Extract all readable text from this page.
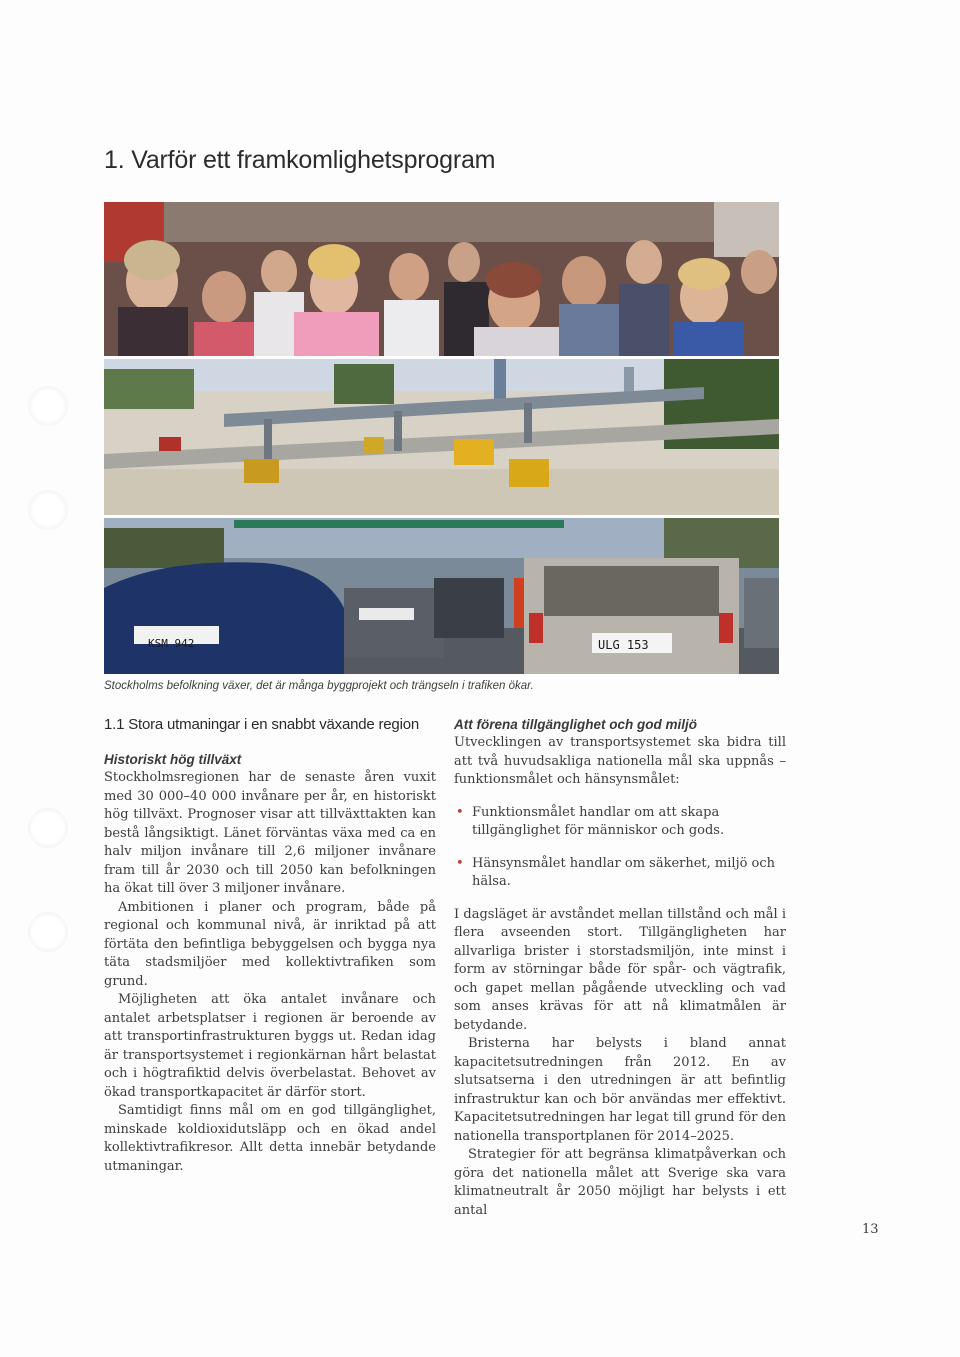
1. Varför ett framkomlighetsprogram
KSM 942	ULG 153

Stockholms befolkning växer, det är många byggprojekt och trängseln i trafiken ökar.

1.1 Stora utmaningar i en snabbt växande region
Historiskt hög tillväxt

Stockholmsregionen har de senaste åren vuxit med 30 000–40 000 invånare per år, en historiskt hög tillväxt. Prognoser visar att tillväxttakten kan bestå långsiktigt. Länet förväntas växa med ca en halv miljon invånare till 2,6 miljoner invånare fram till år 2030 och till 2050 kan befolkningen ha ökat till över 3 miljoner invånare.

Ambitionen i planer och program, både på regional och kommunal nivå, är inriktad på att förtäta den befintliga bebyggelsen och bygga nya täta stadsmiljöer med kollektivtrafiken som grund.

Möjligheten att öka antalet invånare och antalet arbetsplatser i regionen är beroende av att transportinfrastrukturen byggs ut. Redan idag är transportsystemet i regionkärnan hårt belastat och i högtrafiktid delvis överbelastat. Behovet av ökad transportkapacitet är därför stort.

Samtidigt finns mål om en god tillgänglighet, minskade koldioxidutsläpp och en ökad andel kollektivtrafikresor. Allt detta innebär betydande utmaningar.

Att förena tillgänglighet och god miljö

Utvecklingen av transportsystemet ska bidra till att två huvudsakliga nationella mål ska uppnås – funktionsmålet och hänsynsmålet:

• Funktionsmålet handlar om att skapa tillgänglighet för människor och gods.
• Hänsynsmålet handlar om säkerhet, miljö och hälsa.

I dagsläget är avståndet mellan tillstånd och mål i flera avseenden stort. Tillgängligheten har allvarliga brister i storstadsmiljön, inte minst i form av störningar både för spår- och vägtrafik, och gapet mellan pågående utveckling och vad som anses krävas för att nå klimatmålen är betydande.

Bristerna har belysts i bland annat kapacitetsutredningen från 2012. En av slutsatserna i den utredningen är att befintlig infrastruktur kan och bör användas mer effektivt. Kapacitetsutredningen har legat till grund för den nationella transportplanen för 2014–2025.

Strategier för att begränsa klimatpåverkan och göra det nationella målet att Sverige ska vara klimatneutralt år 2050 möjligt har belysts i ett antal

13
